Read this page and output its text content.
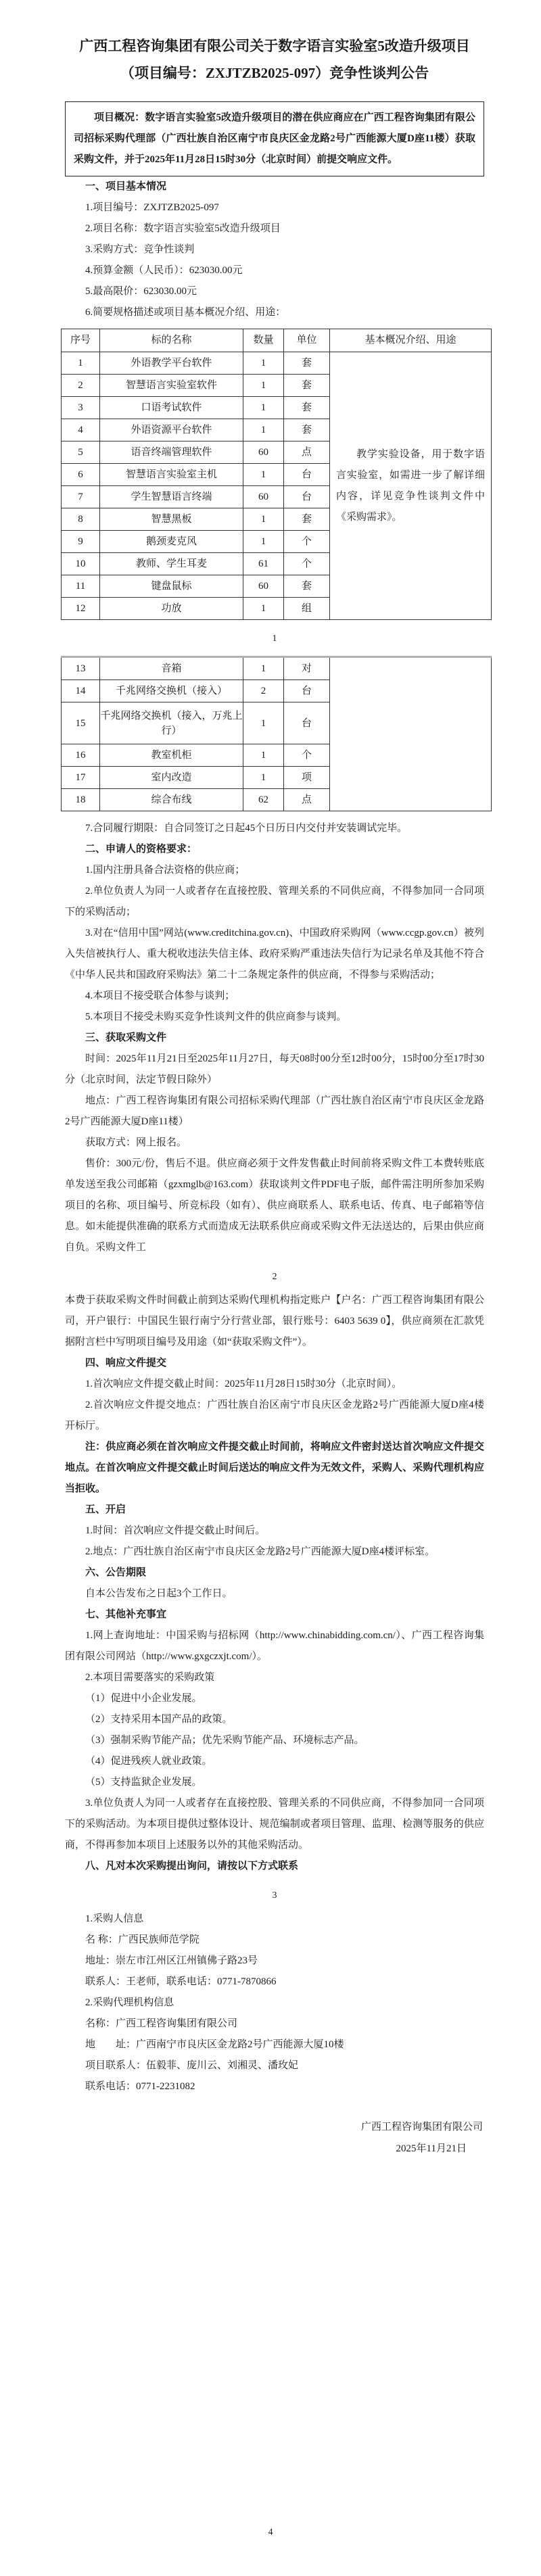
广西工程咨询集团有限公司关于数字语言实验室5改造升级项目
（项目编号：ZXJTZB2025-097）竞争性谈判公告

项目概况：数字语言实验室5改造升级项目的潜在供应商应在广西工程咨询集团有限公司招标采购代理部（广西壮族自治区南宁市良庆区金龙路2号广西能源大厦D座11楼）获取采购文件，并于2025年11月28日15时30分（北京时间）前提交响应文件。

一、项目基本情况

1.项目编号：ZXJTZB2025-097

2.项目名称：数字语言实验室5改造升级项目

3.采购方式：竞争性谈判

4.预算金额（人民币）：623030.00元

5.最高限价：623030.00元

6.简要规格描述或项目基本概况介绍、用途：

序号	标的名称	数量	单位	基本概况介绍、用途
1	外语教学平台软件	1	套	教学实验设备，用于数字语言实验室，如需进一步了解详细内容，详见竞争性谈判文件中《采购需求》。
2	智慧语言实验室软件	1	套	
3	口语考试软件	1	套	
4	外语资源平台软件	1	套	
5	语音终端管理软件	60	点	
6	智慧语言实验室主机	1	台	
7	学生智慧语言终端	60	台	
8	智慧黑板	1	套	
9	鹅颈麦克风	1	个	
10	教师、学生耳麦	61	个	
11	键盘鼠标	60	套	
12	功放	1	组	
1
13	音箱	1	对	
14	千兆网络交换机（接入）	2	台	
15	千兆网络交换机（接入，万兆上行）	1	台	
16	教室机柜	1	个	
17	室内改造	1	项	
18	综合布线	62	点	

7.合同履行期限：自合同签订之日起45个日历日内交付并安装调试完毕。

二、申请人的资格要求：

1.国内注册具备合法资格的供应商；

2.单位负责人为同一人或者存在直接控股、管理关系的不同供应商，不得参加同一合同项下的采购活动；

3.对在“信用中国”网站(www.creditchina.gov.cn)、中国政府采购网（www.ccgp.gov.cn）被列入失信被执行人、重大税收违法失信主体、政府采购严重违法失信行为记录名单及其他不符合《中华人民共和国政府采购法》第二十二条规定条件的供应商，不得参与采购活动；

4.本项目不接受联合体参与谈判；

5.本项目不接受未购买竞争性谈判文件的供应商参与谈判。

三、获取采购文件

时间：2025年11月21日至2025年11月27日，每天08时00分至12时00分，15时00分至17时30分（北京时间，法定节假日除外）

地点：广西工程咨询集团有限公司招标采购代理部（广西壮族自治区南宁市良庆区金龙路2号广西能源大厦D座11楼）

获取方式：网上报名。

售价：300元/份，售后不退。供应商必须于文件发售截止时间前将采购文件工本费转账底单发送至我公司邮箱（gzxmglb@163.com）获取谈判文件PDF电子版，邮件需注明所参加采购项目的名称、项目编号、所竞标段（如有）、供应商联系人、联系电话、传真、电子邮箱等信息。如未能提供准确的联系方式而造成无法联系供应商或采购文件无法送达的，后果由供应商自负。采购文件工

2

本费于获取采购文件时间截止前到达采购代理机构指定账户【户名：广西工程咨询集团有限公司，开户银行：中国民生银行南宁分行营业部，银行账号：6403 5639 0】，供应商须在汇款凭据附言栏中写明项目编号及用途（如“获取采购文件”）。

四、响应文件提交

1.首次响应文件提交截止时间：2025年11月28日15时30分（北京时间）。

2.首次响应文件提交地点：广西壮族自治区南宁市良庆区金龙路2号广西能源大厦D座4楼开标厅。

注：供应商必须在首次响应文件提交截止时间前，将响应文件密封送达首次响应文件提交地点。在首次响应文件提交截止时间后送达的响应文件为无效文件，采购人、采购代理机构应当拒收。

五、开启

1.时间：首次响应文件提交截止时间后。

2.地点：广西壮族自治区南宁市良庆区金龙路2号广西能源大厦D座4楼评标室。

六、公告期限

自本公告发布之日起3个工作日。

七、其他补充事宜

1.网上查询地址：中国采购与招标网（http://www.chinabidding.com.cn/）、广西工程咨询集团有限公司网站（http://www.gxgczxjt.com/）。

2.本项目需要落实的采购政策

（1）促进中小企业发展。

（2）支持采用本国产品的政策。

（3）强制采购节能产品；优先采购节能产品、环境标志产品。

（4）促进残疾人就业政策。

（5）支持监狱企业发展。

3.单位负责人为同一人或者存在直接控股、管理关系的不同供应商，不得参加同一合同项下的采购活动。为本项目提供过整体设计、规范编制或者项目管理、监理、检测等服务的供应商，不得再参加本项目上述服务以外的其他采购活动。

八、凡对本次采购提出询问，请按以下方式联系

3

1.采购人信息

名 称：广西民族师范学院

地址：崇左市江州区江州镇佛子路23号

联系人：王老师，联系电话：0771-7870866

2.采购代理机构信息

名称：广西工程咨询集团有限公司

地　　址：广西南宁市良庆区金龙路2号广西能源大厦10楼

项目联系人：伍毅菲、庞川云、刘湘灵、潘玫妃

联系电话：0771-2231082

广西工程咨询集团有限公司
2025年11月21日
4
